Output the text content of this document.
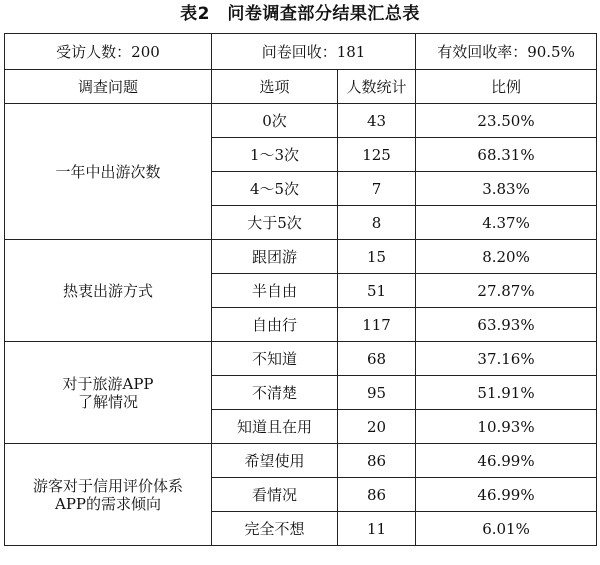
表2　问卷调查部分结果汇总表
受访人数：200	问卷回收：181		有效回收率：90.5%
调查问题	选项	人数统计	比例

一年中出游次数	0次	43	23.50%
	1～3次	125	68.31%
	4～5次	7	3.83%
	大于5次	8	4.37%

热衷出游方式	跟团游	15	8.20%
	半自由	51	27.87%
	自由行	117	63.93%

对于旅游APP
了解情况	不知道	68	37.16%
	不清楚	95	51.91%
	知道且在用	20	10.93%

游客对于信用评价体系
APP的需求倾向	希望使用	86	46.99%
	看情况	86	46.99%
	完全不想	11	6.01%
